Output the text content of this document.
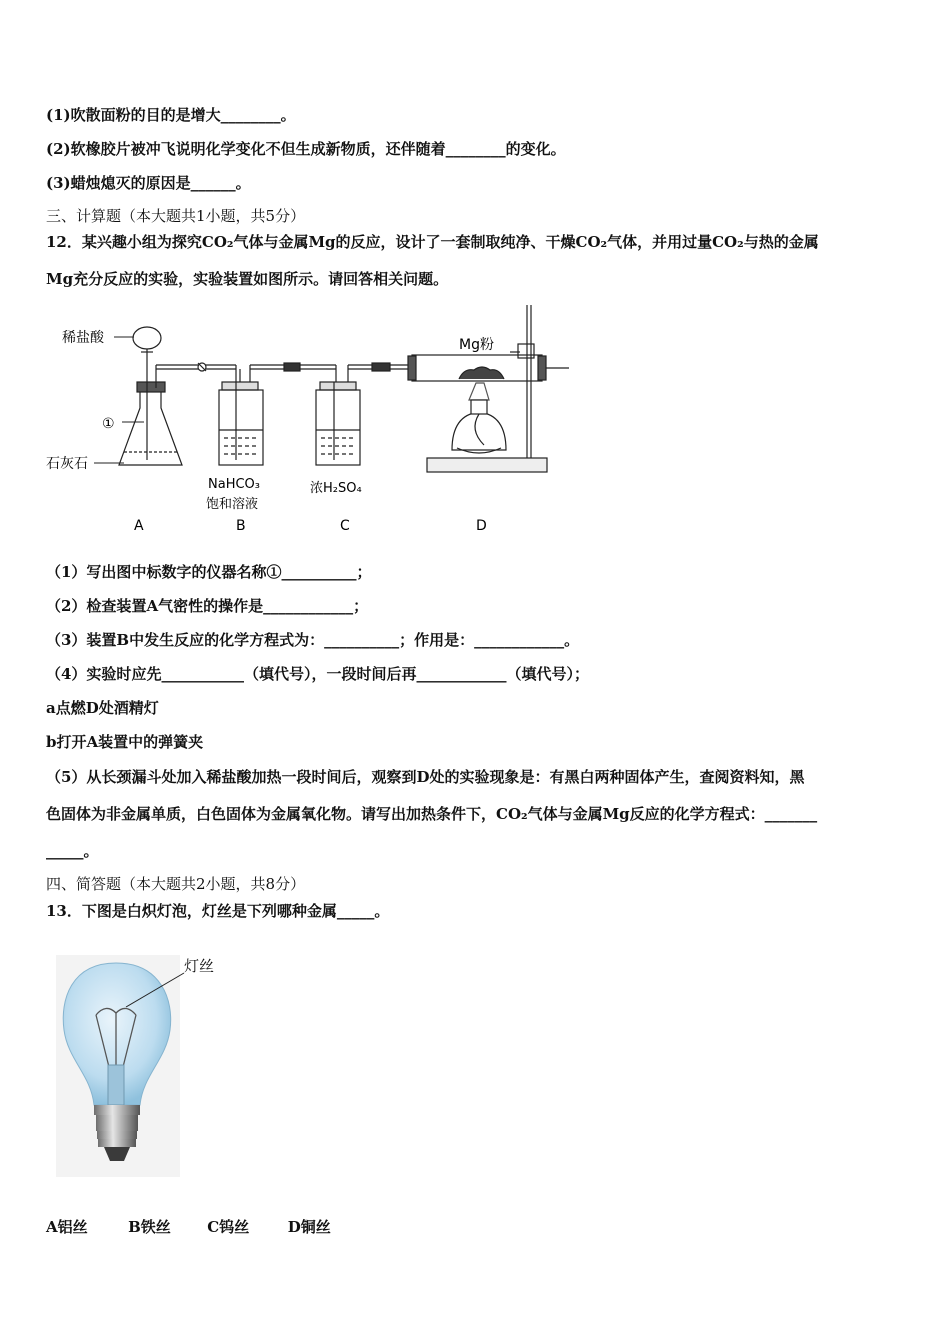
(1)吹散面粉的目的是增大________。
(2)软橡胶片被冲飞说明化学变化不但生成新物质，还伴随着________的变化。
(3)蜡烛熄灭的原因是______。
三、计算题（本大题共1小题，共5分）
12．某兴趣小组为探究CO₂气体与金属Mg的反应，设计了一套制取纯净、干燥CO₂气体，并用过量CO₂与热的金属
Mg充分反应的实验，实验装置如图所示。请回答相关问题。
稀盐酸
①
石灰石
Mg粉
NaHCO₃
饱和溶液
浓H₂SO₄
A	B	C	D
（1）写出图中标数字的仪器名称①__________；
（2）检查装置A气密性的操作是____________；
（3）装置B中发生反应的化学方程式为：__________；作用是：____________。
（4）实验时应先___________（填代号），一段时间后再____________（填代号）；
a点燃D处酒精灯
b打开A装置中的弹簧夹
（5）从长颈漏斗处加入稀盐酸加热一段时间后，观察到D处的实验现象是：有黑白两种固体产生，查阅资料知，黑
色固体为非金属单质，白色固体为金属氧化物。请写出加热条件下，CO₂气体与金属Mg反应的化学方程式：_______
_____。
四、简答题（本大题共2小题，共8分）
13．下图是白炽灯泡，灯丝是下列哪种金属_____。
灯丝
A铝丝	B铁丝 C钨丝	D铜丝
